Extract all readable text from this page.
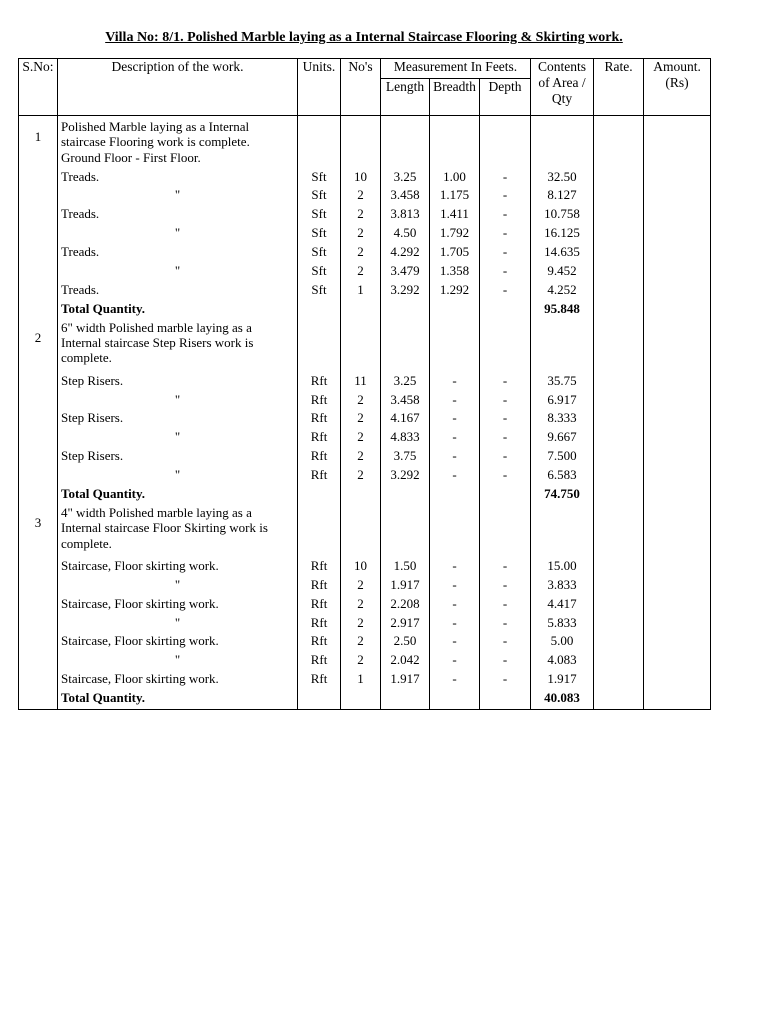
Villa No: 8/1. Polished Marble laying as a Internal Staircase Flooring & Skirting work.
S.No:	Description of the work.	Units.	No's	Measurement In Feets.			Contents of Area / Qty	Rate.	Amount. (Rs)
				Length	Breadth	Depth			

1	Polished Marble laying as a Internal staircase Flooring work is complete.								
	Ground Floor - First Floor.								
	Treads.	Sft	10	3.25	1.00	-	32.50		
	"	Sft	2	3.458	1.175	-	8.127		
	Treads.	Sft	2	3.813	1.411	-	10.758		
	"	Sft	2	4.50	1.792	-	16.125		
	Treads.	Sft	2	4.292	1.705	-	14.635		
	"	Sft	2	3.479	1.358	-	9.452		
	Treads.	Sft	1	3.292	1.292	-	4.252		
	Total Quantity.						95.848		
2	6" width Polished marble laying as a Internal staircase Step Risers work is complete.								
	Step Risers.	Rft	11	3.25	-	-	35.75		
	"	Rft	2	3.458	-	-	6.917		
	Step Risers.	Rft	2	4.167	-	-	8.333		
	"	Rft	2	4.833	-	-	9.667		
	Step Risers.	Rft	2	3.75	-	-	7.500		
	"	Rft	2	3.292	-	-	6.583		
	Total Quantity.						74.750		
3	4" width Polished marble laying as a Internal staircase Floor Skirting work is complete.								
	Staircase, Floor skirting work.	Rft	10	1.50	-	-	15.00		
	"	Rft	2	1.917	-	-	3.833		
	Staircase, Floor skirting work.	Rft	2	2.208	-	-	4.417		
	"	Rft	2	2.917	-	-	5.833		
	Staircase, Floor skirting work.	Rft	2	2.50	-	-	5.00		
	"	Rft	2	2.042	-	-	4.083		
	Staircase, Floor skirting work.	Rft	1	1.917	-	-	1.917		
	Total Quantity.						40.083		
